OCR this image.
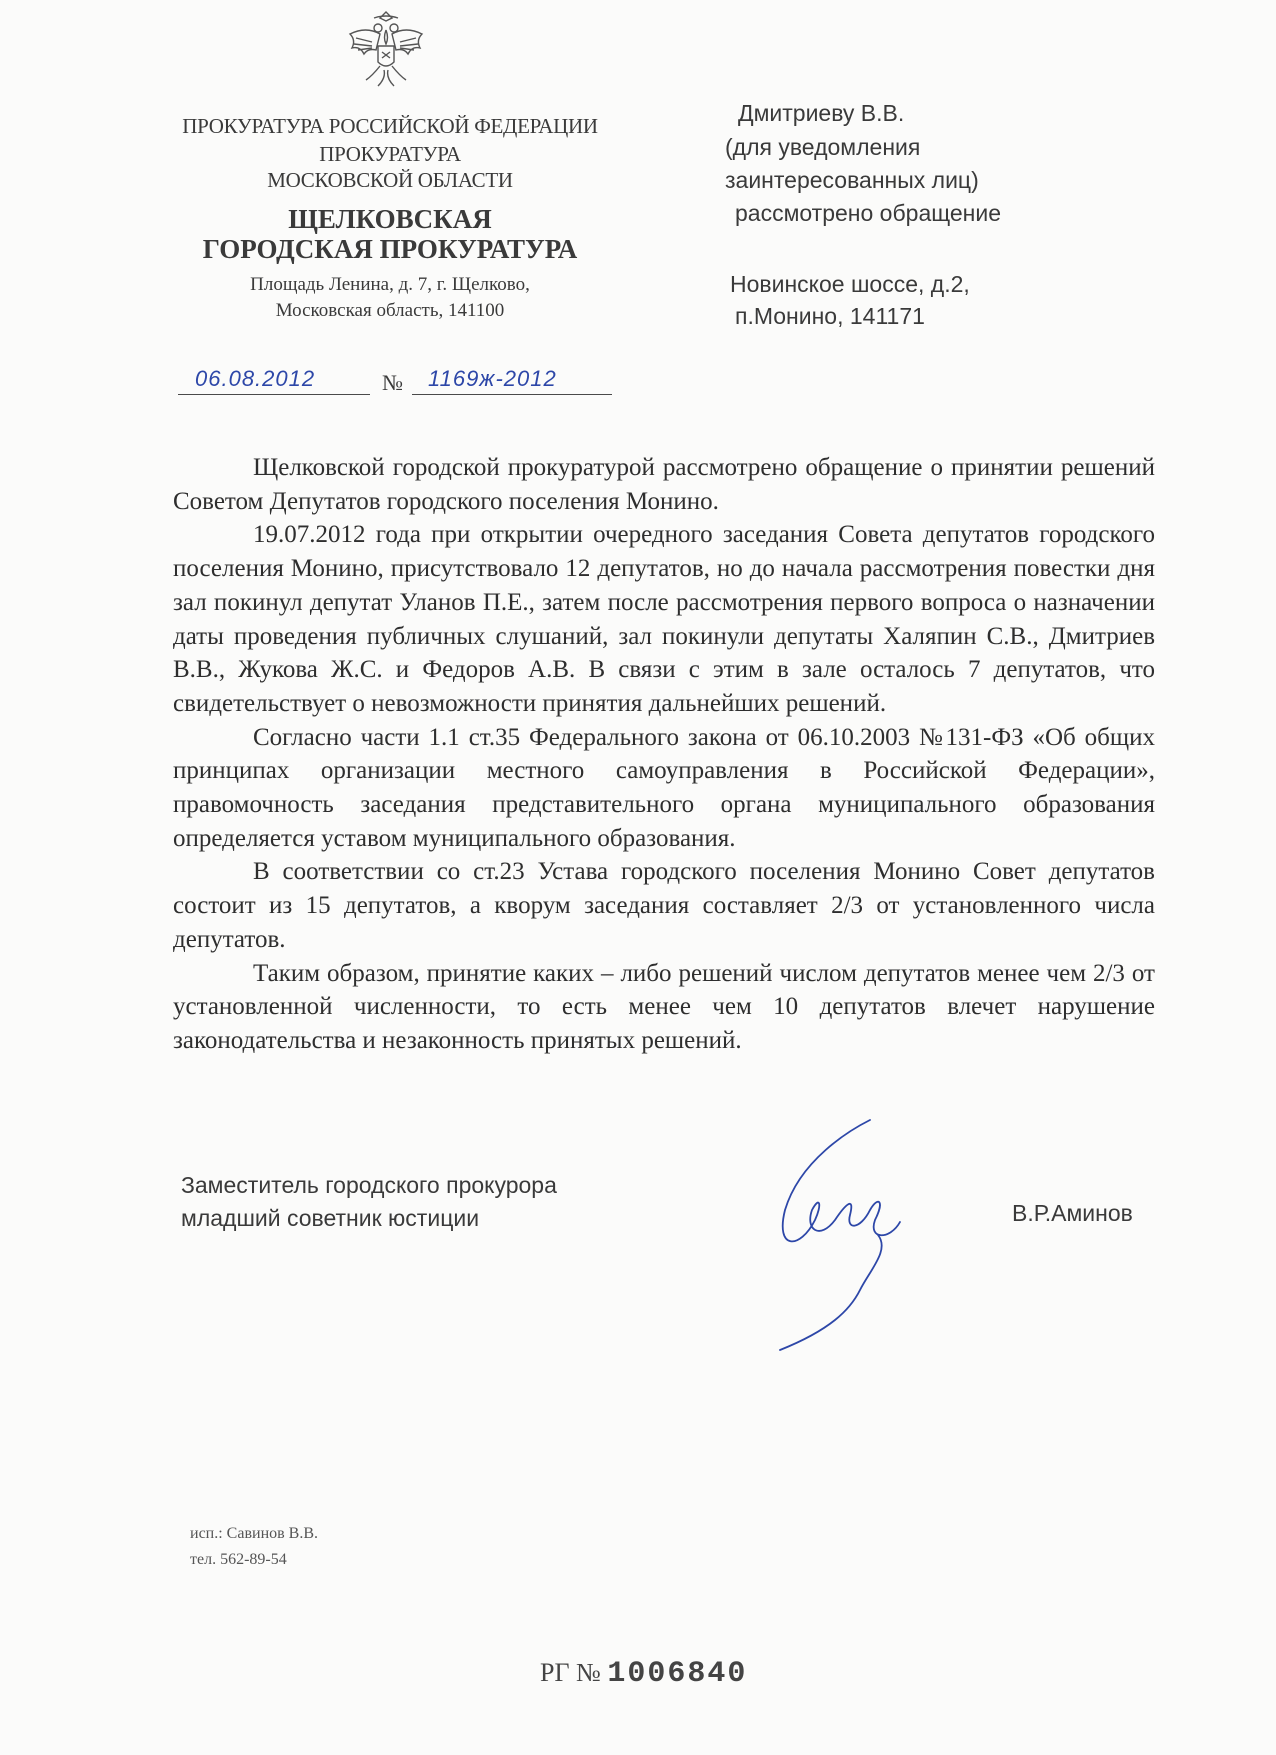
ПРОКУРАТУРА РОССИЙСКОЙ ФЕДЕРАЦИИ
ПРОКУРАТУРА
МОСКОВСКОЙ ОБЛАСТИ
ЩЕЛКОВСКАЯ
ГОРОДСКАЯ ПРОКУРАТУРА
Площадь Ленина, д. 7, г. Щелково,
Московская область, 141100
Дмитриеву В.В.
(для уведомления
заинтересованных лиц)
рассмотрено обращение
Новинское шоссе, д.2,
п.Монино, 141171
06.08.2012	№ 1169ж-2012

Щелковской городской прокуратурой рассмотрено обращение о принятии решений Советом Депутатов городского поселения Монино.

19.07.2012 года при открытии очередного заседания Совета депутатов городского поселения Монино, присутствовало 12 депутатов, но до начала рассмотрения повестки дня зал покинул депутат Уланов П.Е., затем после рассмотрения первого вопроса о назначении даты проведения публичных слушаний, зал покинули депутаты Халяпин С.В., Дмитриев В.В., Жукова Ж.С. и Федоров А.В. В связи с этим в зале осталось 7 депутатов, что свидетельствует о невозможности принятия дальнейших решений.

Согласно части 1.1 ст.35 Федерального закона от 06.10.2003 №131-ФЗ «Об общих принципах организации местного самоуправления в Российской Федерации», правомочность заседания представительного органа муниципального образования определяется уставом муниципального образования.

В соответствии со ст.23 Устава городского поселения Монино Совет депутатов состоит из 15 депутатов, а кворум заседания составляет 2/3 от установленного числа депутатов.

Таким образом, принятие каких – либо решений числом депутатов менее чем 2/3 от установленной численности, то есть менее чем 10 депутатов влечет нарушение законодательства и незаконность принятых решений.

Заместитель городского прокурора
младший советник юстиции	В.Р.Аминов
исп.: Савинов В.В.
тел. 562-89-54
РГ № 1006840
